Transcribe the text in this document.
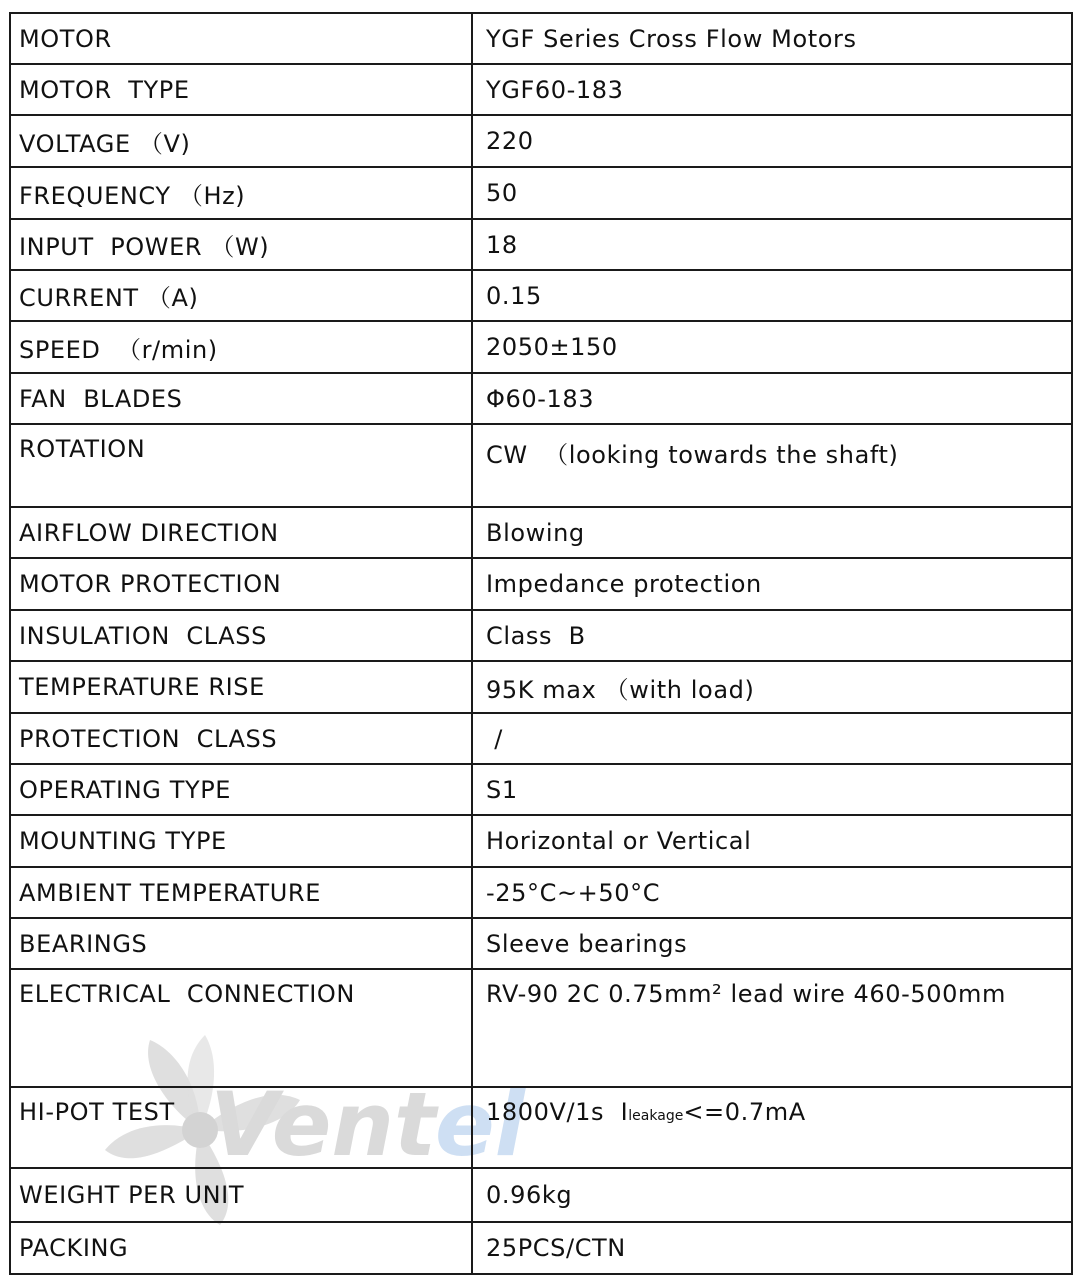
Vent
el
MOTOR	YGF Series Cross Flow Motors
MOTOR  TYPE	YGF60-183
VOLTAGE （V)	220
FREQUENCY （Hz)	50
INPUT  POWER （W)	18
CURRENT （A)	0.15
SPEED  （r/min)	2050±150
FAN  BLADES	Φ60-183
ROTATION	CW  （looking towards the shaft)
AIRFLOW DIRECTION	Blowing
MOTOR PROTECTION	Impedance protection
INSULATION  CLASS	Class  B
TEMPERATURE RISE	95K max （with load)
PROTECTION  CLASS	/
OPERATING TYPE	S1
MOUNTING TYPE	Horizontal or Vertical
AMBIENT TEMPERATURE	-25°C~+50°C
BEARINGS	Sleeve bearings
ELECTRICAL  CONNECTION	RV-90 2C 0.75mm² lead wire 460-500mm
HI-POT TEST	1800V/1s  Ileakage<=0.7mA
WEIGHT PER UNIT	0.96kg
PACKING	25PCS/CTN
